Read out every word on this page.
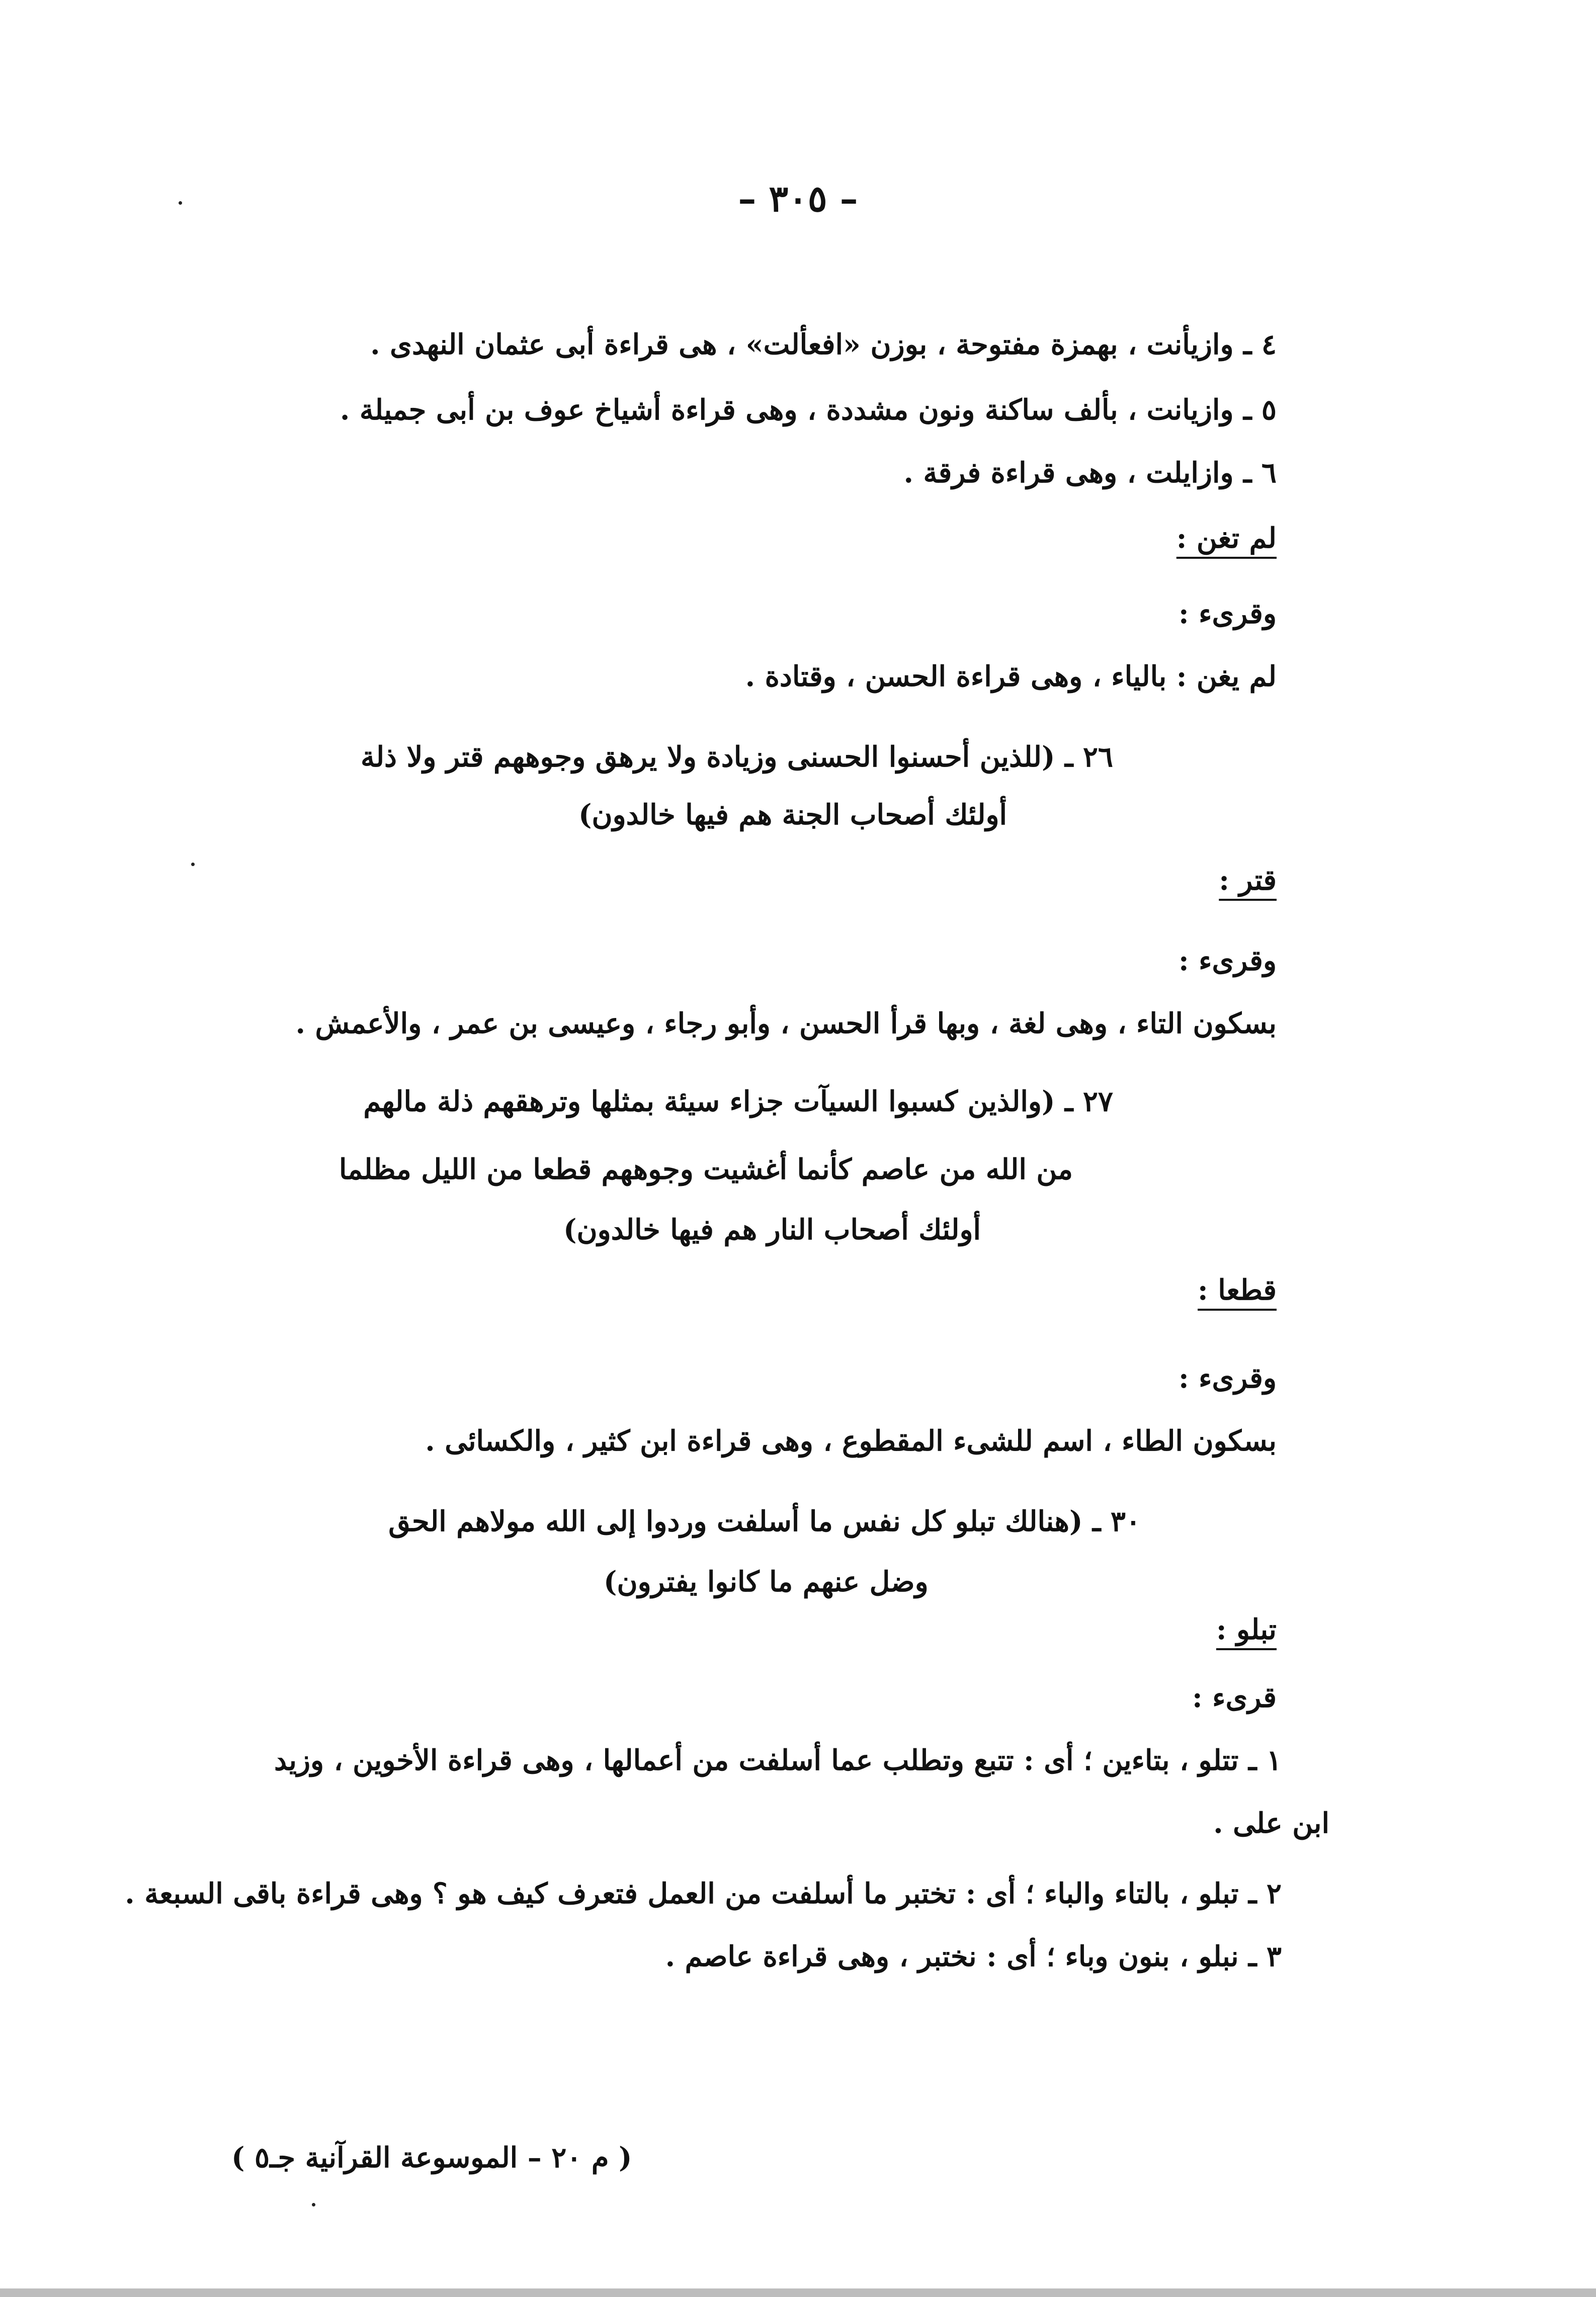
– ٣٠٥ –
٤ ـ وازيأنت ، بهمزة مفتوحة ، بوزن «افعألت» ، هى قراءة أبى عثمان النهدى .
٥ ـ وازيانت ، بألف ساكنة ونون مشددة ، وهى قراءة أشياخ عوف بن أبى جميلة .
٦ ـ وازايلت ، وهى قراءة فرقة .
لم تغن :
وقرىء :
لم يغن : بالياء ، وهى قراءة الحسن ، وقتادة .
٢٦ ـ (للذين أحسنوا الحسنى وزيادة ولا يرهق وجوههم قتر ولا ذلة
أولئك أصحاب الجنة هم فيها خالدون)
قتر :
وقرىء :
بسكون التاء ، وهى لغة ، وبها قرأ الحسن ، وأبو رجاء ، وعيسى بن عمر ، والأعمش .
٢٧ ـ (والذين كسبوا السيآت جزاء سيئة بمثلها وترهقهم ذلة مالهم
من الله من عاصم كأنما أغشيت وجوههم قطعا من الليل مظلما
أولئك أصحاب النار هم فيها خالدون)
قطعا :
وقرىء :
بسكون الطاء ، اسم للشىء المقطوع ، وهى قراءة ابن كثير ، والكسائى .
٣٠ ـ (هنالك تبلو كل نفس ما أسلفت وردوا إلى الله مولاهم الحق
وضل عنهم ما كانوا يفترون)
تبلو :
قرىء :
١ ـ تتلو ، بتاءين ؛ أى : تتبع وتطلب عما أسلفت من أعمالها ، وهى قراءة الأخوين ، وزيد
ابن على .
٢ ـ تبلو ، بالتاء والباء ؛ أى : تختبر ما أسلفت من العمل فتعرف كيف هو ؟ وهى قراءة باقى السبعة .
٣ ـ نبلو ، بنون وباء ؛ أى : نختبر ، وهى قراءة عاصم .
( م ٢٠ – الموسوعة القرآنية جـ٥ )
